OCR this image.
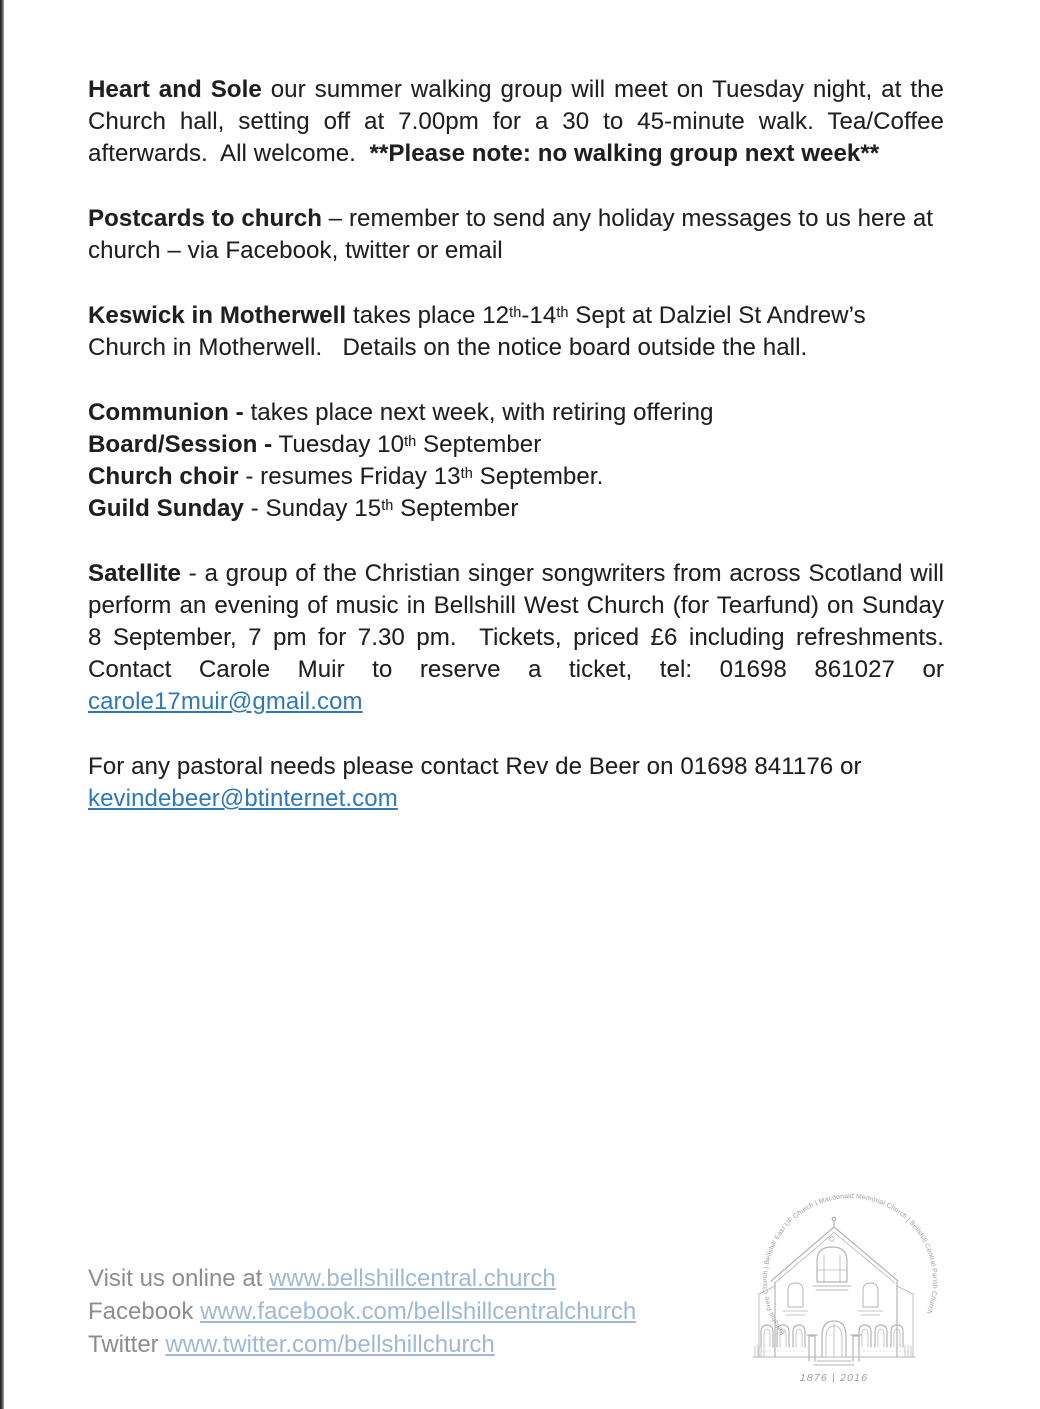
Heart and Sole our summer walking group will meet on Tuesday night, at the Church hall, setting off at 7.00pm for a 30 to 45-minute walk. Tea/Coffee afterwards.  All welcome.  **Please note: no walking group next week**
Postcards to church – remember to send any holiday messages to us here at church – via Facebook, twitter or email
Keswick in Motherwell takes place 12th-14th Sept at Dalziel St Andrew’s Church in Motherwell.   Details on the notice board outside the hall.
Communion - takes place next week, with retiring offering
Board/Session - Tuesday 10th September
Church choir - resumes Friday 13th September.
Guild Sunday - Sunday 15th September
Satellite - a group of the Christian singer songwriters from across Scotland will perform an evening of music in Bellshill West Church (for Tearfund) on Sunday 8 September, 7 pm for 7.30 pm.  Tickets, priced £6 including refreshments. Contact Carole Muir to reserve a ticket, tel: 01698 861027 or carole17muir@gmail.com
For any pastoral needs please contact Rev de Beer on 01698 841176 or kevindebeer@btinternet.com
Visit us online at www.bellshillcentral.church
Facebook www.facebook.com/bellshillcentralchurch
Twitter www.twitter.com/bellshillchurch	Bellshill Free Church | Bellshill East UF Church | Macdonald Memorial Church | Bellshill Central Parish Church
1876 | 2016
